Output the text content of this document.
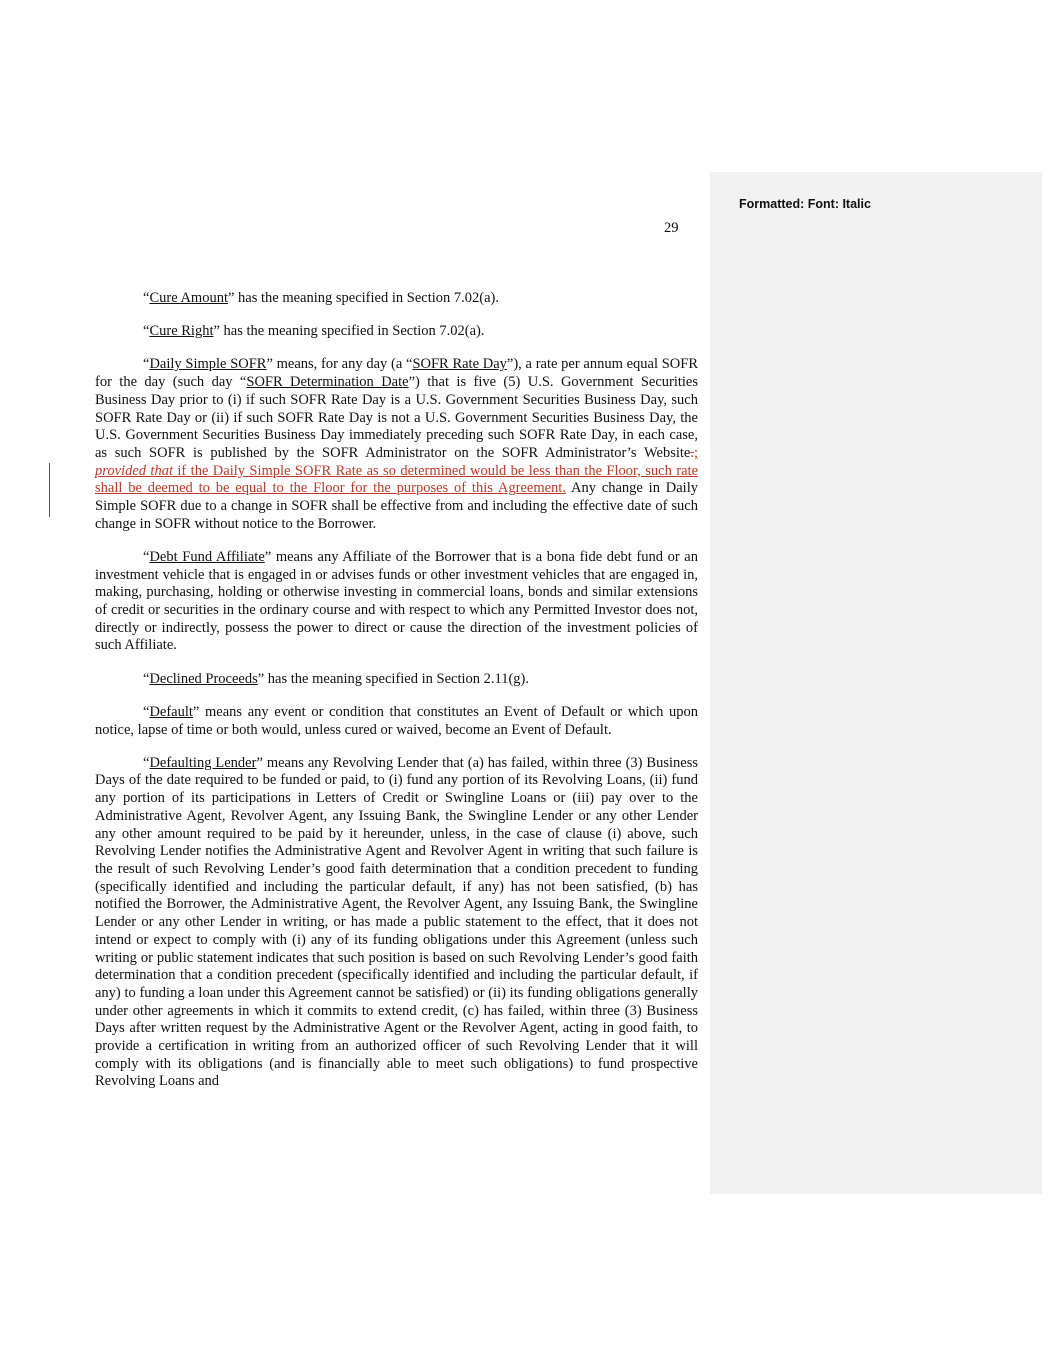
Formatted: Font: Italic
29

“Cure Amount” has the meaning specified in Section 7.02(a).

“Cure Right” has the meaning specified in Section 7.02(a).

“Daily Simple SOFR” means, for any day (a “SOFR Rate Day”), a rate per annum equal SOFR for the day (such day “SOFR Determination Date”) that is five (5) U.S. Government Securities Business Day prior to (i) if such SOFR Rate Day is a U.S. Government Securities Business Day, such SOFR Rate Day or (ii) if such SOFR Rate Day is not a U.S. Government Securities Business Day, the U.S. Government Securities Business Day immediately preceding such SOFR Rate Day, in each case, as such SOFR is published by the SOFR Administrator on the SOFR Administrator’s Website.; provided that if the Daily Simple SOFR Rate as so determined would be less than the Floor, such rate shall be deemed to be equal to the Floor for the purposes of this Agreement. Any change in Daily Simple SOFR due to a change in SOFR shall be effective from and including the effective date of such change in SOFR without notice to the Borrower.

“Debt Fund Affiliate” means any Affiliate of the Borrower that is a bona fide debt fund or an investment vehicle that is engaged in or advises funds or other investment vehicles that are engaged in, making, purchasing, holding or otherwise investing in commercial loans, bonds and similar extensions of credit or securities in the ordinary course and with respect to which any Permitted Investor does not, directly or indirectly, possess the power to direct or cause the direction of the investment policies of such Affiliate.

“Declined Proceeds” has the meaning specified in Section 2.11(g).

“Default” means any event or condition that constitutes an Event of Default or which upon notice, lapse of time or both would, unless cured or waived, become an Event of Default.

“Defaulting Lender” means any Revolving Lender that (a) has failed, within three (3) Business Days of the date required to be funded or paid, to (i) fund any portion of its Revolving Loans, (ii) fund any portion of its participations in Letters of Credit or Swingline Loans or (iii) pay over to the Administrative Agent, Revolver Agent, any Issuing Bank, the Swingline Lender or any other Lender any other amount required to be paid by it hereunder, unless, in the case of clause (i) above, such Revolving Lender notifies the Administrative Agent and Revolver Agent in writing that such failure is the result of such Revolving Lender’s good faith determination that a condition precedent to funding (specifically identified and including the particular default, if any) has not been satisfied, (b) has notified the Borrower, the Administrative Agent, the Revolver Agent, any Issuing Bank, the Swingline Lender or any other Lender in writing, or has made a public statement to the effect, that it does not intend or expect to comply with (i) any of its funding obligations under this Agreement (unless such writing or public statement indicates that such position is based on such Revolving Lender’s good faith determination that a condition precedent (specifically identified and including the particular default, if any) to funding a loan under this Agreement cannot be satisfied) or (ii) its funding obligations generally under other agreements in which it commits to extend credit, (c) has failed, within three (3) Business Days after written request by the Administrative Agent or the Revolver Agent, acting in good faith, to provide a certification in writing from an authorized officer of such Revolving Lender that it will comply with its obligations (and is financially able to meet such obligations) to fund prospective Revolving Loans and
